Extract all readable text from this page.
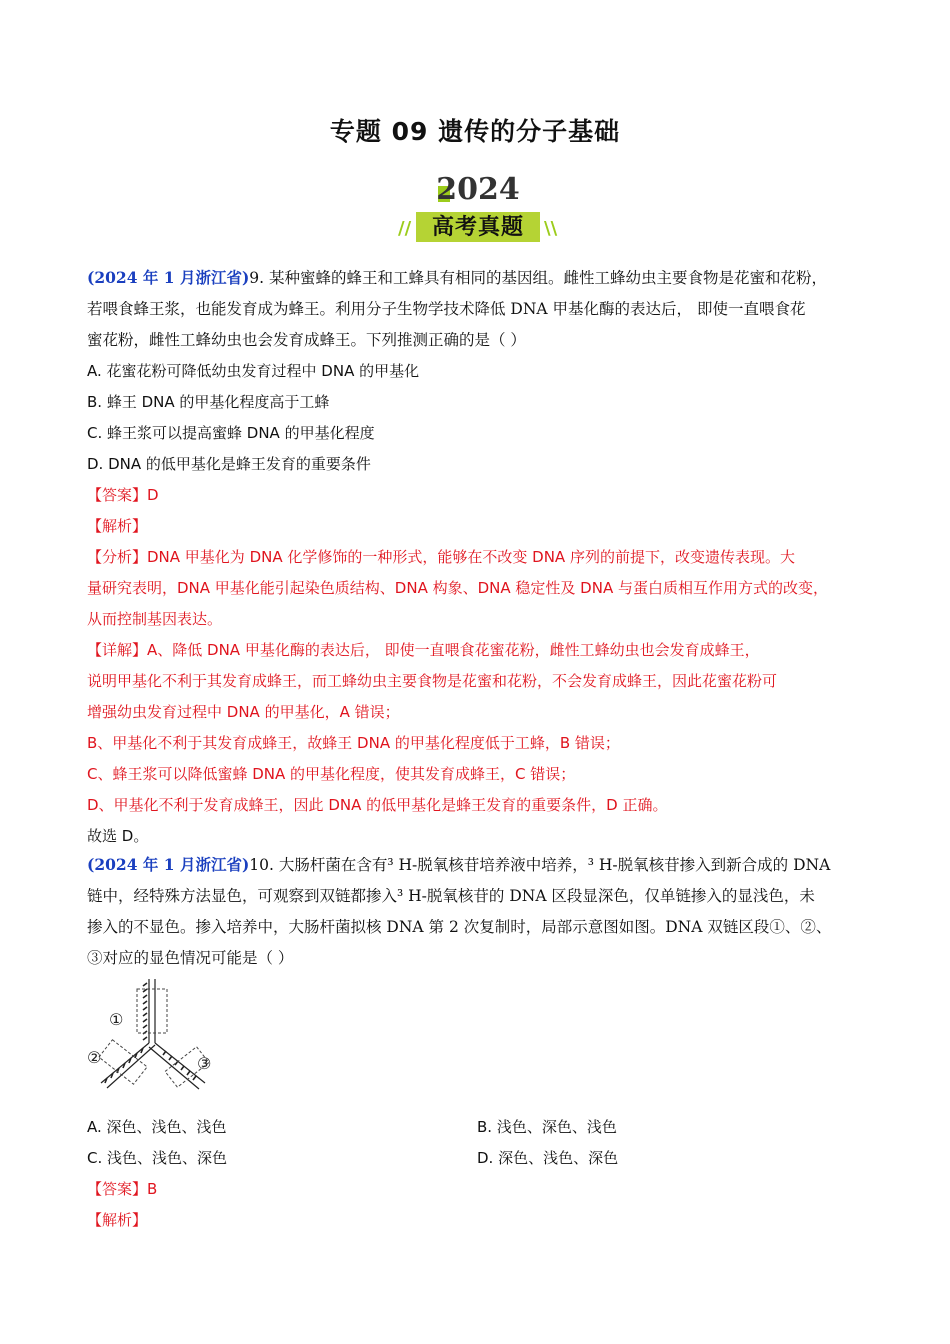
专题 09 遗传的分子基础
2024
// 高考真题	\\

(2024 年 1 月浙江省)9. 某种蜜蜂的蜂王和工蜂具有相同的基因组。雌性工蜂幼虫主要食物是花蜜和花粉，

若喂食蜂王浆，也能发育成为蜂王。利用分子生物学技术降低 DNA 甲基化酶的表达后， 即使一直喂食花

蜜花粉，雌性工蜂幼虫也会发育成蜂王。下列推测正确的是（ ）

A. 花蜜花粉可降低幼虫发育过程中 DNA 的甲基化

B. 蜂王 DNA 的甲基化程度高于工蜂

C. 蜂王浆可以提高蜜蜂 DNA 的甲基化程度

D. DNA 的低甲基化是蜂王发育的重要条件

【答案】D

【解析】

【分析】DNA 甲基化为 DNA 化学修饰的一种形式，能够在不改变 DNA 序列的前提下，改变遗传表现。大

量研究表明，DNA 甲基化能引起染色质结构、DNA 构象、DNA 稳定性及 DNA 与蛋白质相互作用方式的改变，

从而控制基因表达。

【详解】A、降低 DNA 甲基化酶的表达后， 即使一直喂食花蜜花粉，雌性工蜂幼虫也会发育成蜂王，

说明甲基化不利于其发育成蜂王，而工蜂幼虫主要食物是花蜜和花粉，不会发育成蜂王，因此花蜜花粉可

增强幼虫发育过程中 DNA 的甲基化，A 错误；

B、甲基化不利于其发育成蜂王，故蜂王 DNA 的甲基化程度低于工蜂，B 错误；

C、蜂王浆可以降低蜜蜂 DNA 的甲基化程度，使其发育成蜂王，C 错误；

D、甲基化不利于发育成蜂王，因此 DNA 的低甲基化是蜂王发育的重要条件，D 正确。

故选 D。

(2024 年 1 月浙江省)10. 大肠杆菌在含有³ H-脱氧核苷培养液中培养，³ H-脱氧核苷掺入到新合成的 DNA

链中，经特殊方法显色，可观察到双链都掺入³ H-脱氧核苷的 DNA 区段显深色，仅单链掺入的显浅色，未

掺入的不显色。掺入培养中，大肠杆菌拟核 DNA 第 2 次复制时，局部示意图如图。DNA 双链区段①、②、

③对应的显色情况可能是（ ）

①
②	③

A. 深色、浅色、浅色	B. 浅色、深色、浅色

C. 浅色、浅色、深色	D. 深色、浅色、深色

【答案】B

【解析】
